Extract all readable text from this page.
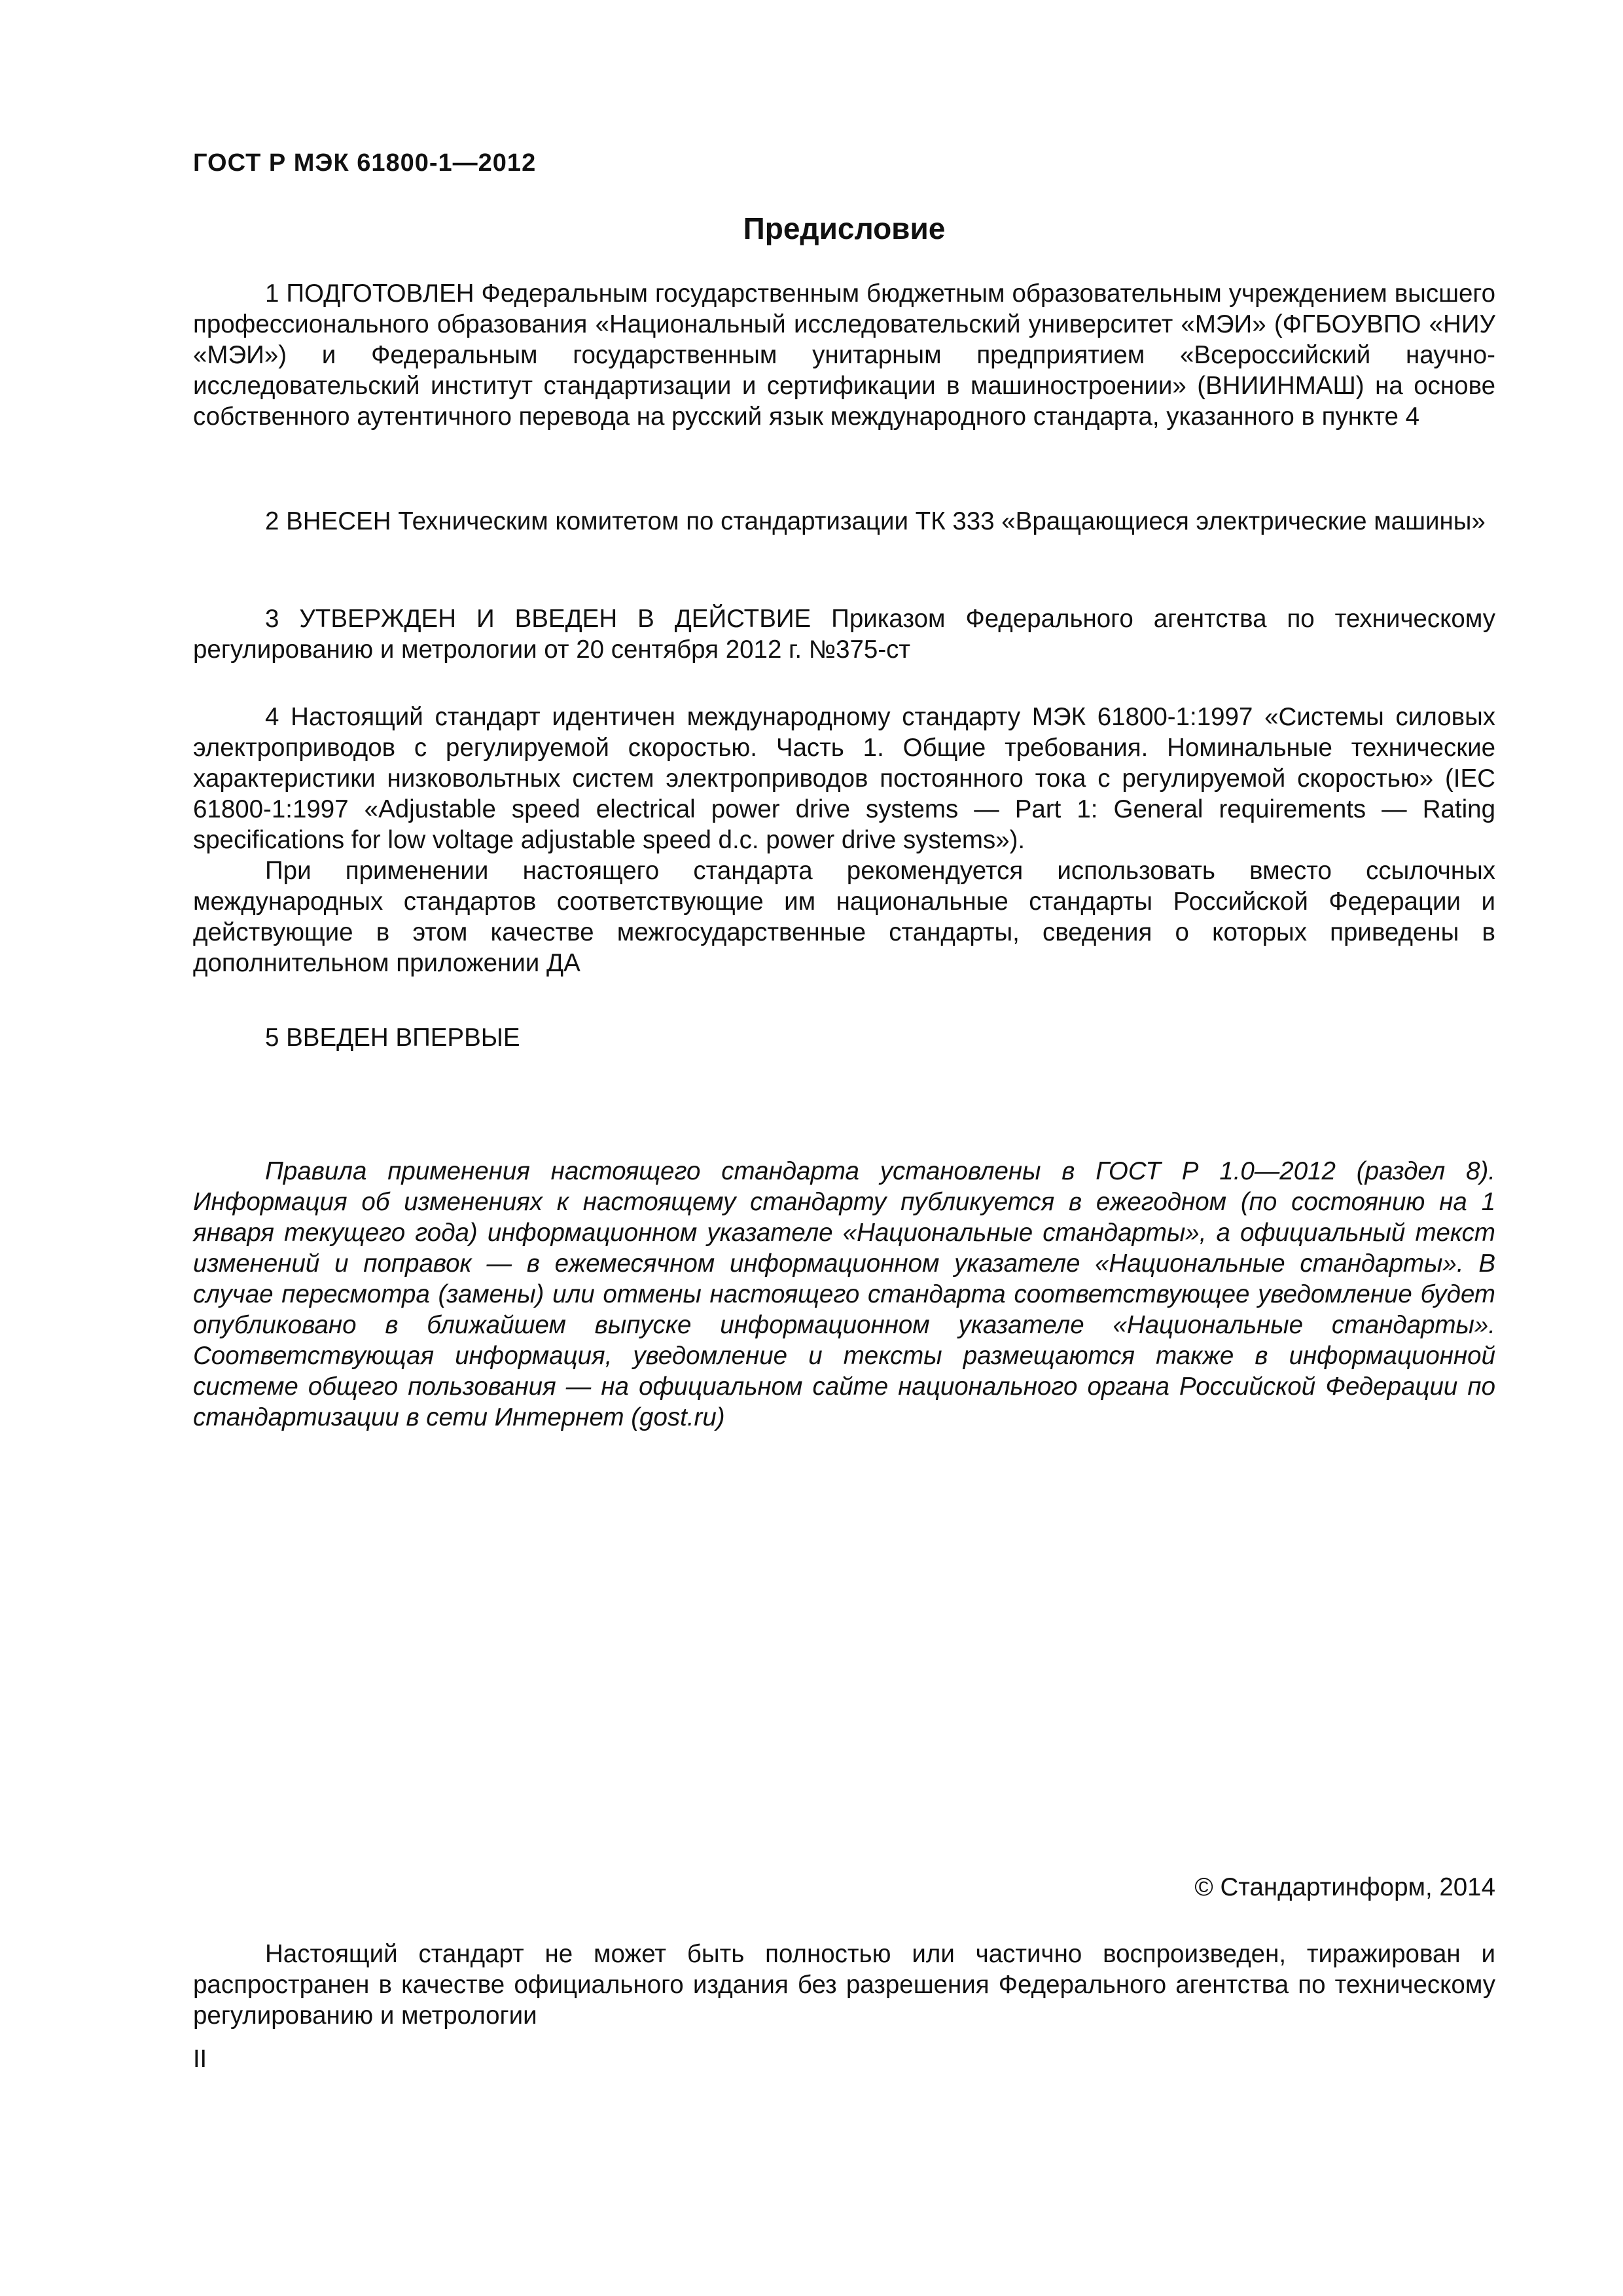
ГОСТ Р МЭК 61800-1—2012
Предисловие

1 ПОДГОТОВЛЕН Федеральным государственным бюджетным образовательным учреждением высшего профессионального образования «Национальный исследовательский университет «МЭИ» (ФГБОУВПО «НИУ «МЭИ») и Федеральным государственным унитарным предприятием «Всероссийский научно-исследовательский институт стандартизации и сертификации в машиностроении» (ВНИИНМАШ) на основе собственного аутентичного перевода на русский язык международного стандарта, указанного в пункте 4

2 ВНЕСЕН Техническим комитетом по стандартизации ТК 333 «Вращающиеся электрические машины»

3 УТВЕРЖДЕН И ВВЕДЕН В ДЕЙСТВИЕ Приказом Федерального агентства по техническому регулированию и метрологии от 20 сентября 2012 г. №375-ст

4 Настоящий стандарт идентичен международному стандарту МЭК 61800-1:1997 «Системы силовых электроприводов с регулируемой скоростью. Часть 1. Общие требования. Номинальные технические характеристики низковольтных систем электроприводов постоянного тока с регулируемой скоростью» (IEC 61800-1:1997 «Adjustable speed electrical power drive systems — Part 1: General requirements — Rating specifications for low voltage adjustable speed d.c. power drive systems»).

При применении настоящего стандарта рекомендуется использовать вместо ссылочных международных стандартов соответствующие им национальные стандарты Российской Федерации и действующие в этом качестве межгосударственные стандарты, сведения о которых приведены в дополнительном приложении ДА

5 ВВЕДЕН ВПЕРВЫЕ

Правила применения настоящего стандарта установлены в ГОСТ Р 1.0—2012 (раздел 8). Информация об изменениях к настоящему стандарту публикуется в ежегодном (по состоянию на 1 января текущего года) информационном указателе «Национальные стандарты», а официальный текст изменений и поправок — в ежемесячном информационном указателе «Национальные стандарты». В случае пересмотра (замены) или отмены настоящего стандарта соответствующее уведомление будет опубликовано в ближайшем выпуске информационном указателе «Национальные стандарты». Соответствующая информация, уведомление и тексты размещаются также в информационной системе общего пользования — на официальном сайте национального органа Российской Федерации по стандартизации в сети Интернет (gost.ru)

© Стандартинформ, 2014

Настоящий стандарт не может быть полностью или частично воспроизведен, тиражирован и распространен в качестве официального издания без разрешения Федерального агентства по техническому регулированию и метрологии

II
